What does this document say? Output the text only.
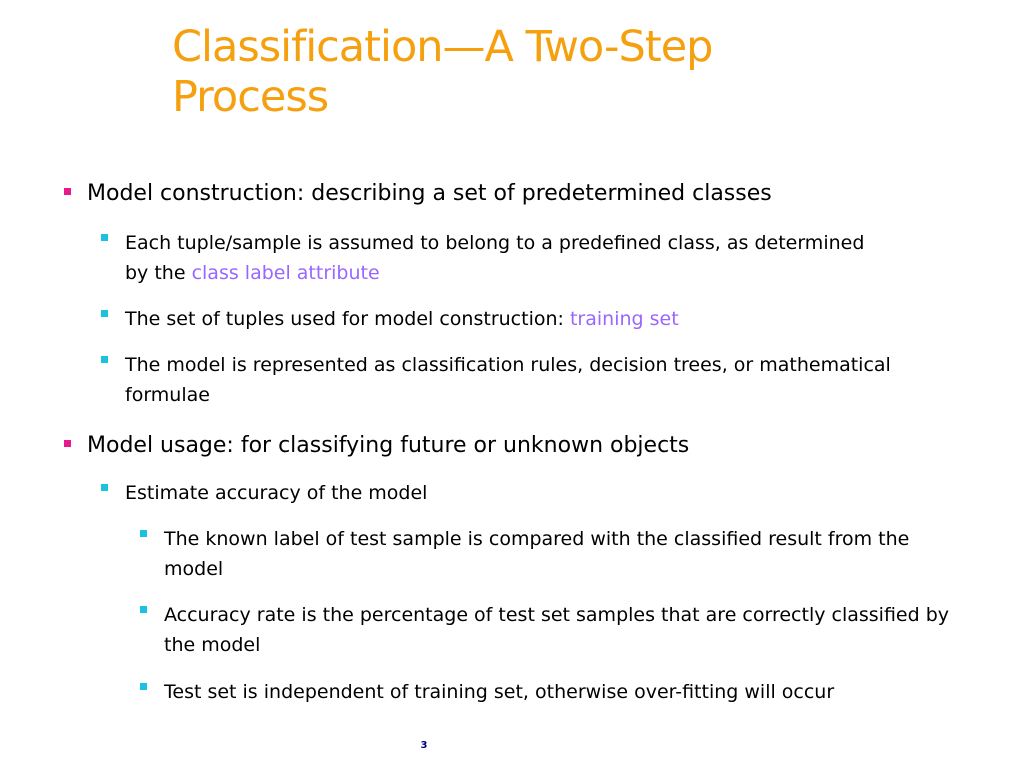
Classification—A Two-Step
Process
Model construction: describing a set of predetermined classes
Each tuple/sample is assumed to belong to a predefined class, as determined by the class label attribute
The set of tuples used for model construction: training set
The model is represented as classification rules, decision trees, or mathematical formulae
Model usage: for classifying future or unknown objects
Estimate accuracy of the model
The known label of test sample is compared with the classified result from the model
Accuracy rate is the percentage of test set samples that are correctly classified by the model
Test set is independent of training set, otherwise over-fitting will occur
3
